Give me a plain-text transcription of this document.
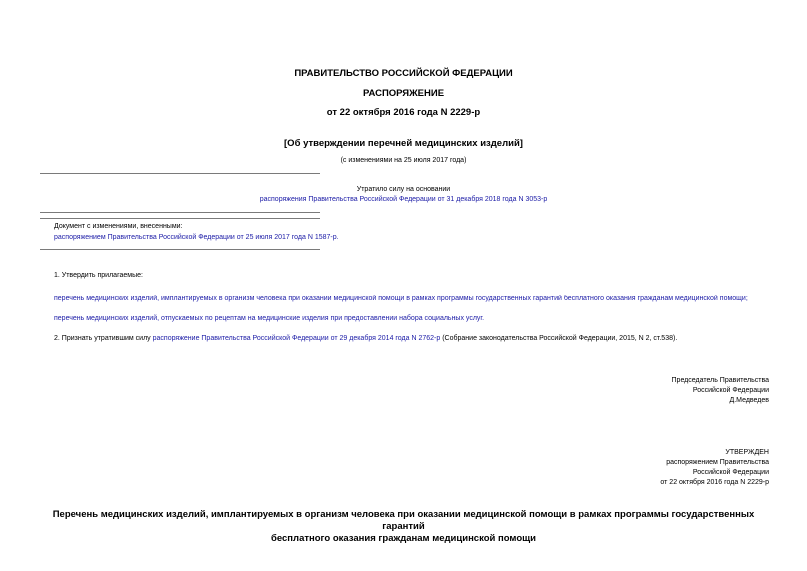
ПРАВИТЕЛЬСТВО РОССИЙСКОЙ ФЕДЕРАЦИИ
РАСПОРЯЖЕНИЕ
от 22 октября 2016 года N 2229-р
[Об утверждении перечней медицинских изделий]
(с изменениями на 25 июля 2017 года)
Утратило силу на основании
распоряжения Правительства Российской Федерации от 31 декабря 2018 года N 3053-р
Документ с изменениями, внесенными:
распоряжением Правительства Российской Федерации от 25 июля 2017 года N 1587-р.
1. Утвердить прилагаемые:
перечень медицинских изделий, имплантируемых в организм человека при оказании медицинской помощи в рамках программы государственных гарантий бесплатного оказания гражданам медицинской помощи;
перечень медицинских изделий, отпускаемых по рецептам на медицинские изделия при предоставлении набора социальных услуг.
2. Признать утратившим силу распоряжение Правительства Российской Федерации от 29 декабря 2014 года N 2762-р (Собрание законодательства Российской Федерации, 2015, N 2, ст.538).
Председатель Правительства
Российской Федерации
Д.Медведев
УТВЕРЖДЕН
распоряжением Правительства
Российской Федерации
от 22 октября 2016 года N 2229-р
Перечень медицинских изделий, имплантируемых в организм человека при оказании медицинской помощи в рамках программы государственных гарантий
бесплатного оказания гражданам медицинской помощи
